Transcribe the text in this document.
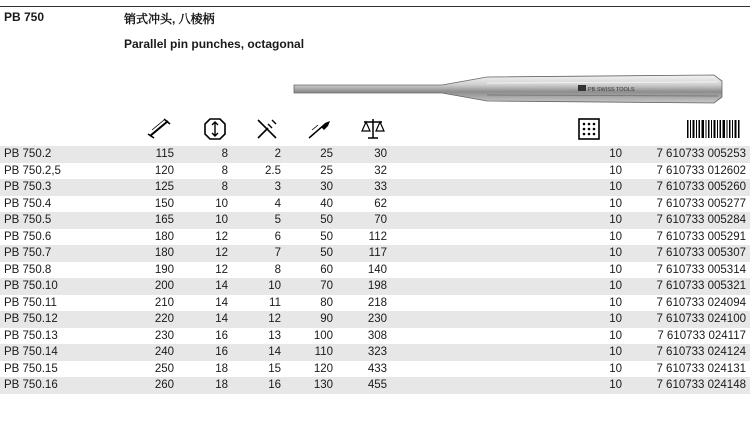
PB 750	销式冲头, 八棱柄
Parallel pin punches, octagonal
PB SWISS TOOLS
PB 750.2	115	8	2	25	30		10	7 610733 005253
PB 750.2,5	120	8	2.5	25	32		10	7 610733 012602
PB 750.3	125	8	3	30	33		10	7 610733 005260
PB 750.4	150	10	4	40	62		10	7 610733 005277
PB 750.5	165	10	5	50	70		10	7 610733 005284
PB 750.6	180	12	6	50	112		10	7 610733 005291
PB 750.7	180	12	7	50	117		10	7 610733 005307
PB 750.8	190	12	8	60	140		10	7 610733 005314
PB 750.10	200	14	10	70	198		10	7 610733 005321
PB 750.11	210	14	11	80	218		10	7 610733 024094
PB 750.12	220	14	12	90	230		10	7 610733 024100
PB 750.13	230	16	13	100	308		10	7 610733 024117
PB 750.14	240	16	14	110	323		10	7 610733 024124
PB 750.15	250	18	15	120	433		10	7 610733 024131
PB 750.16	260	18	16	130	455		10	7 610733 024148
